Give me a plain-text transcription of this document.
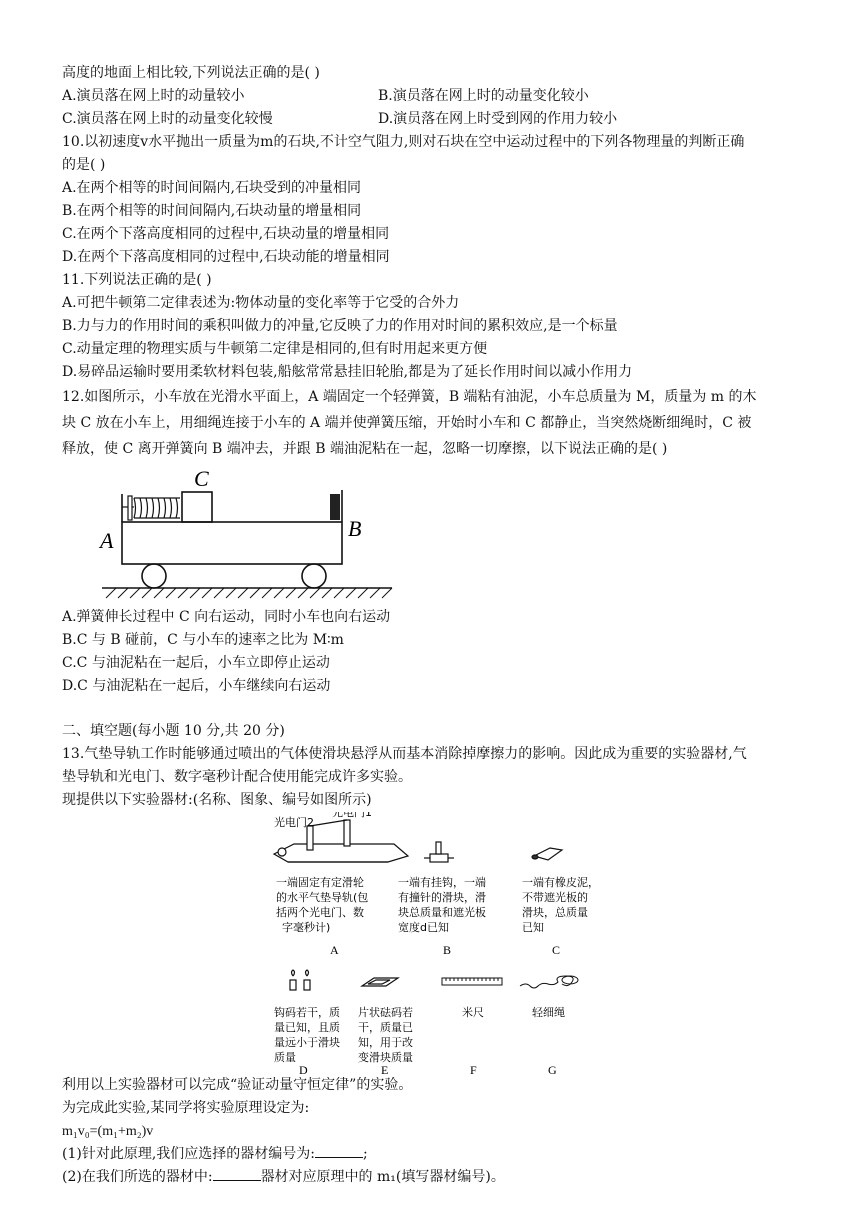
高度的地面上相比较,下列说法正确的是( )
A.演员落在网上时的动量较小	B.演员落在网上时的动量变化较小
C.演员落在网上时的动量变化较慢	D.演员落在网上时受到网的作用力较小
10.以初速度v水平抛出一质量为m的石块,不计空气阻力,则对石块在空中运动过程中的下列各物理量的判断正确
的是( )
A.在两个相等的时间间隔内,石块受到的冲量相同
B.在两个相等的时间间隔内,石块动量的增量相同
C.在两个下落高度相同的过程中,石块动量的增量相同
D.在两个下落高度相同的过程中,石块动能的增量相同
11.下列说法正确的是( )
A.可把牛顿第二定律表述为:物体动量的变化率等于它受的合外力
B.力与力的作用时间的乘积叫做力的冲量,它反映了力的作用对时间的累积效应,是一个标量
C.动量定理的物理实质与牛顿第二定律是相同的,但有时用起来更方便
D.易碎品运输时要用柔软材料包装,船舷常常悬挂旧轮胎,都是为了延长作用时间以减小作用力
12.如图所示，小车放在光滑水平面上，A 端固定一个轻弹簧，B 端粘有油泥，小车总质量为 M，质量为 m 的木
块 C 放在小车上，用细绳连接于小车的 A 端并使弹簧压缩，开始时小车和 C 都静止，当突然烧断细绳时，C 被
释放，使 C 离开弹簧向 B 端冲去，并跟 B 端油泥粘在一起，忽略一切摩擦，以下说法正确的是( )
A
C
B
A.弹簧伸长过程中 C 向右运动，同时小车也向右运动
B.C 与 B 碰前，C 与小车的速率之比为 M∶m
C.C 与油泥粘在一起后，小车立即停止运动
D.C 与油泥粘在一起后，小车继续向右运动
二、填空题(每小题 10 分,共 20 分)
13.气垫导轨工作时能够通过喷出的气体使滑块悬浮从而基本消除掉摩擦力的影响。因此成为重要的实验器材,气
垫导轨和光电门、数字毫秒计配合使用能完成许多实验。
现提供以下实验器材:(名称、图象、编号如图所示)
光电门2
光电门1
一端固定有定滑轮
的水平气垫导轨(包
括两个光电门、数
字毫秒计)
一端有挂钩，一端
有撞针的滑块，滑
块总质量和遮光板
宽度d已知
一端有橡皮泥，
不带遮光板的
滑块，总质量
已知
A	B	C
钩码若干，质
量已知，且质
量远小于滑块
质量
片状砝码若
干，质量已
知，用于改
变滑块质量
米尺	轻细绳
D	E	F	G
利用以上实验器材可以完成“验证动量守恒定律”的实验。
为完成此实验,某同学将实验原理设定为:
m₁v₀=(m₁+m₂)v
(1)针对此原理,我们应选择的器材编号为:	;
(2)在我们所选的器材中:	器材对应原理中的 m₁(填写器材编号)。
